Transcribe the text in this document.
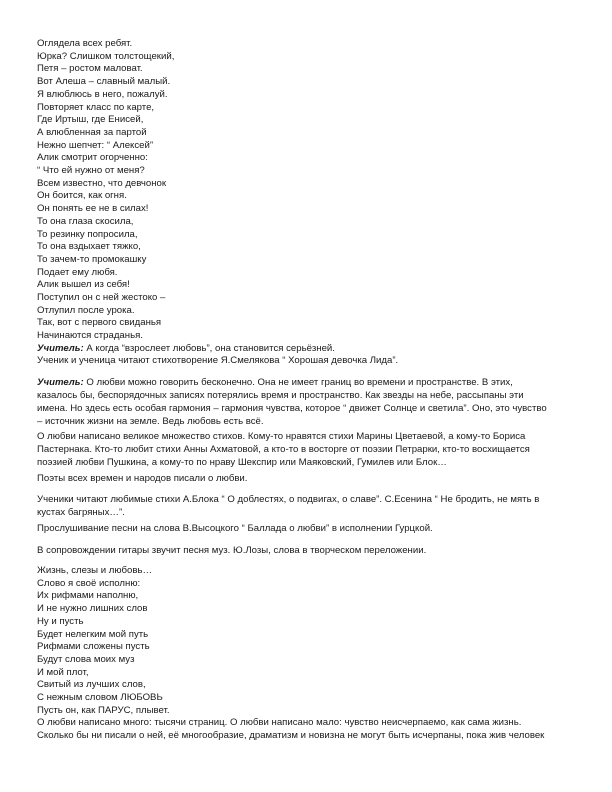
Оглядела всех ребят.
Юрка? Слишком толстощекий,
Петя – ростом маловат.
Вот Алеша – славный малый.
Я влюблюсь в него, пожалуй.
Повторяет класс по карте,
Где Иртыш, где Енисей,
А влюбленная за партой
Нежно шепчет: “ Алексей”
Алик смотрит огорченно:
“ Что ей нужно от меня?
Всем известно, что девчонок
Он боится, как огня.
Он понять ее не в силах!
То она глаза скосила,
То резинку попросила,
То она вздыхает тяжко,
То зачем-то промокашку
Подает ему любя.
Алик вышел из себя!
Поступил он с ней жестоко –
Отлупил после урока.
Так, вот с первого свиданья
Начинаются страданья.
Учитель: А когда “взрослеет любовь”, она становится серьёзней.
Ученик и ученица читают стихотворение Я.Смелякова “ Хорошая девочка Лида”.
Учитель: О любви можно говорить бесконечно. Она не имеет границ во времени и пространстве. В этих,
казалось бы, беспорядочных записях потерялись время и пространство. Как звезды на небе, рассыпаны эти
имена. Но здесь есть особая гармония – гармония чувства, которое “ движет Солнце и светила”. Оно, это чувство
– источник жизни на земле. Ведь любовь есть всё.
О любви написано великое множество стихов. Кому-то нравятся стихи Марины Цветаевой, а кому-то Бориса
Пастернака. Кто-то любит стихи Анны Ахматовой, а кто-то в восторге от поэзии Петрарки, кто-то восхищается
поэзией любви Пушкина, а кому-то по нраву Шекспир или Маяковский, Гумилев или Блок…
Поэты всех времен и народов писали о любви.
Ученики читают любимые стихи А.Блока “ О доблестях, о подвигах, о славе”. С.Есенина “ Не бродить, не мять в
кустах багряных…”.
Прослушивание песни на слова В.Высоцкого “ Баллада о любви” в исполнении Гурцкой.
В сопровождении гитары звучит песня муз. Ю.Лозы, слова в творческом переложении.
Жизнь, слезы и любовь…
Слово я своё исполню:
Их рифмами наполню,
И не нужно лишних слов
Ну и пусть
Будет нелегким мой путь
Рифмами сложены пусть
Будут слова моих муз
И мой плот,
Свитый из лучших слов,
С нежным словом ЛЮБОВЬ
Пусть он, как ПАРУС, плывет.
О любви написано много: тысячи страниц. О любви написано мало: чувство неисчерпаемо, как сама жизнь.
Сколько бы ни писали о ней, её многообразие, драматизм и новизна не могут быть исчерпаны, пока жив человек
